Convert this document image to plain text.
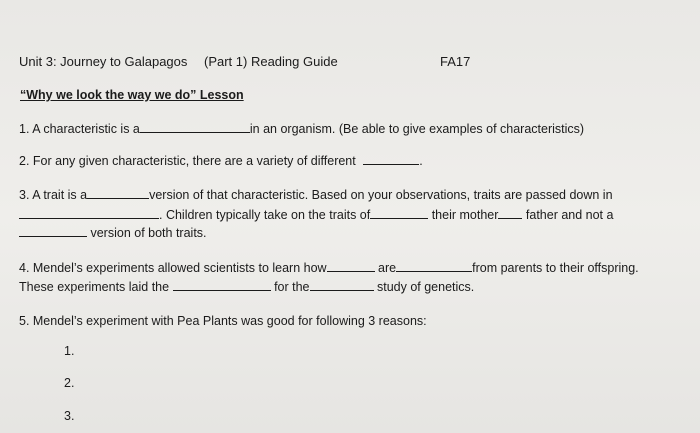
Unit 3: Journey to Galapagos (Part 1) Reading Guide	FA17
“Why we look the way we do” Lesson
1. A characteristic is a	in an organism. (Be able to give examples of characteristics)
2. For any given characteristic, there are a variety of different	.
3. A trait is a	version of that characteristic. Based on your observations, traits are passed down in
. Children typically take on the traits of	their mother father and not a
version of both traits.
4. Mendel’s experiments allowed scientists to learn how	are	from parents to their offspring.
These experiments laid the	for the	study of genetics.
5. Mendel’s experiment with Pea Plants was good for following 3 reasons:
1.
2.
3.
